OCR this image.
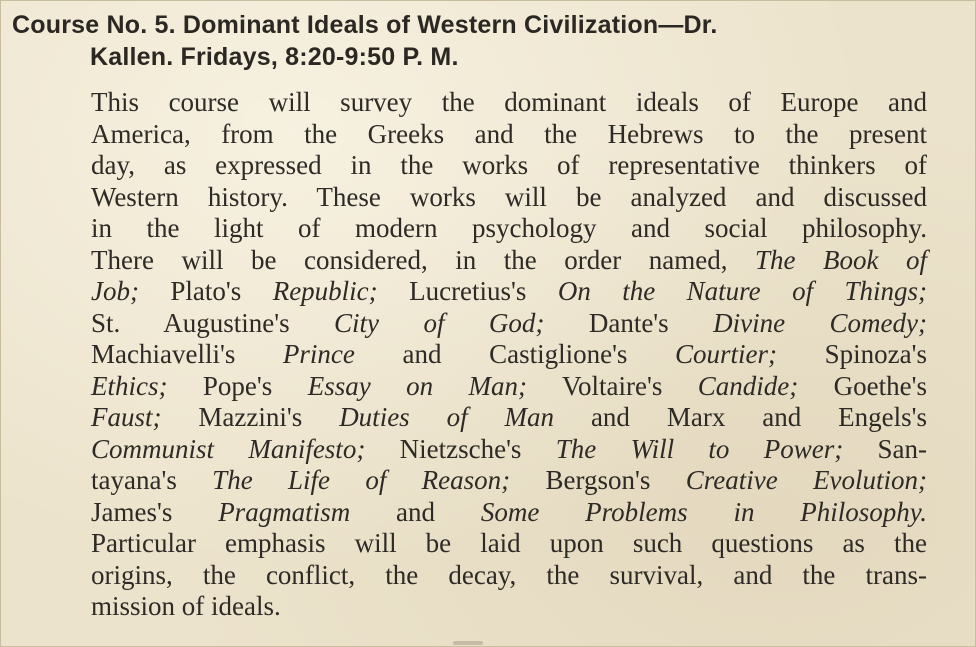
Course No. 5. Dominant Ideals of Western Civilization—Dr.
Kallen. Fridays, 8:20-9:50 P. M.
This course will survey the dominant ideals of Europe and
America, from the Greeks and the Hebrews to the present
day, as expressed in the works of representative thinkers of
Western history. These works will be analyzed and discussed
in the light of modern psychology and social philosophy.
There will be considered, in the order named, The Book of
Job; Plato's Republic; Lucretius's On the Nature of Things;
St. Augustine's City of God; Dante's Divine Comedy;
Machiavelli's Prince and Castiglione's Courtier; Spinoza's
Ethics; Pope's Essay on Man; Voltaire's Candide; Goethe's
Faust; Mazzini's Duties of Man and Marx and Engels's
Communist Manifesto; Nietzsche's The Will to Power; San-
tayana's The Life of Reason; Bergson's Creative Evolution;
James's Pragmatism and Some Problems in Philosophy.
Particular emphasis will be laid upon such questions as the
origins, the conflict, the decay, the survival, and the trans-
mission of ideals.
